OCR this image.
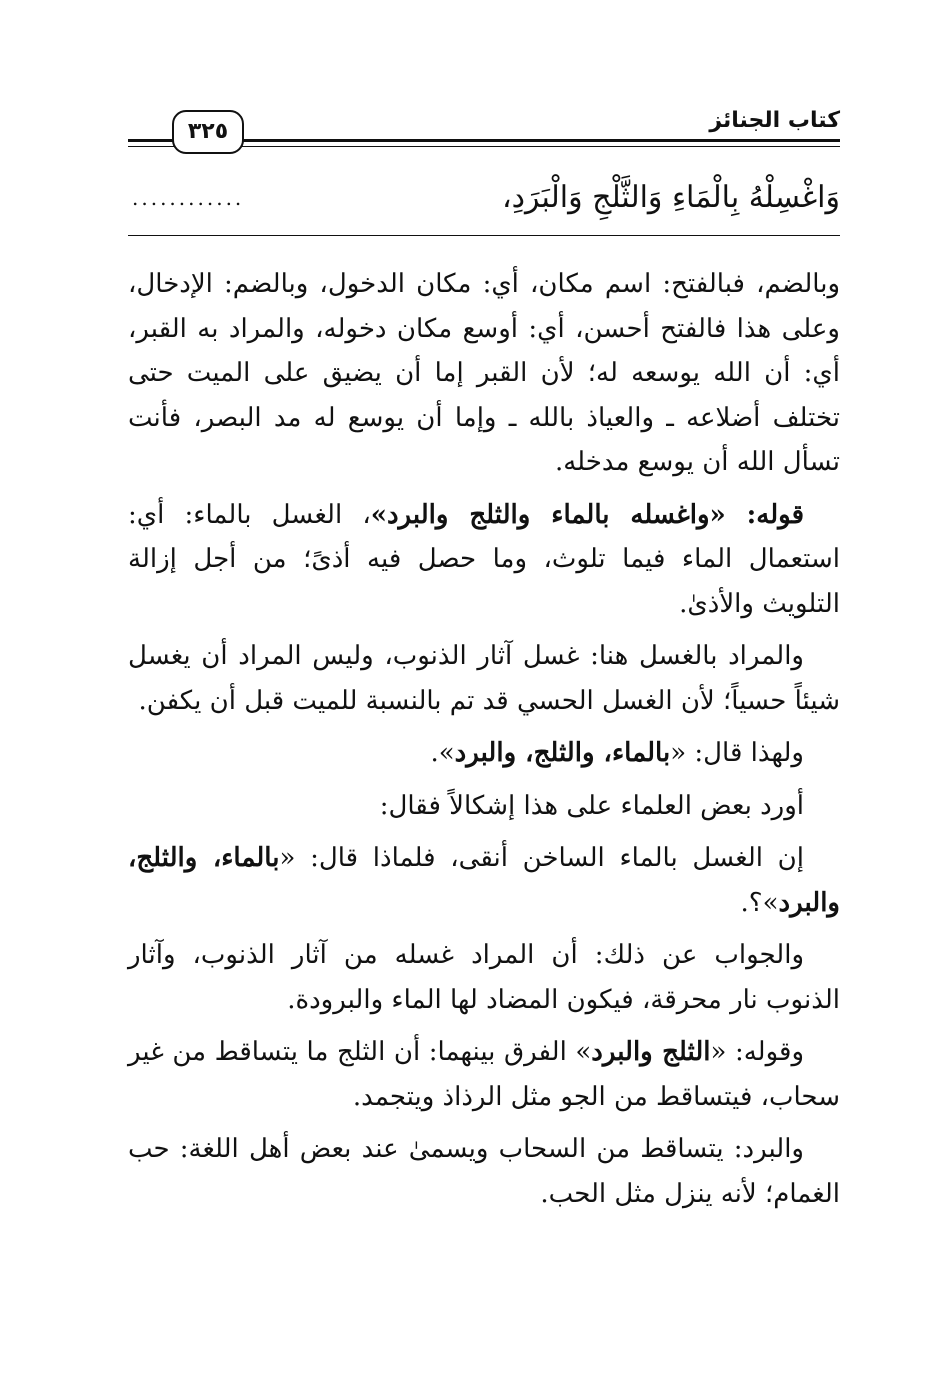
كتاب الجنائز
٣٢٥
وَاغْسِلْهُ بِالْمَاءِ وَالثَّلْجِ وَالْبَرَدِ،
............

وبالضم، فبالفتح: اسم مكان، أي: مكان الدخول، وبالضم: الإدخال، وعلى هذا فالفتح أحسن، أي: أوسع مكان دخوله، والمراد به القبر، أي: أن الله يوسعه له؛ لأن القبر إما أن يضيق على الميت حتى تختلف أضلاعه ـ والعياذ بالله ـ وإما أن يوسع له مد البصر، فأنت تسأل الله أن يوسع مدخله.

قوله: «واغسله بالماء والثلج والبرد»، الغسل بالماء: أي: استعمال الماء فيما تلوث، وما حصل فيه أذىً؛ من أجل إزالة التلويث والأذىٰ.

والمراد بالغسل هنا: غسل آثار الذنوب، وليس المراد أن يغسل شيئاً حسياً؛ لأن الغسل الحسي قد تم بالنسبة للميت قبل أن يكفن.

ولهذا قال: «بالماء، والثلج، والبرد».

أورد بعض العلماء على هذا إشكالاً فقال:

إن الغسل بالماء الساخن أنقى، فلماذا قال: «بالماء، والثلج، والبرد»؟.

والجواب عن ذلك: أن المراد غسله من آثار الذنوب، وآثار الذنوب نار محرقة، فيكون المضاد لها الماء والبرودة.

وقوله: «الثلج والبرد» الفرق بينهما: أن الثلج ما يتساقط من غير سحاب، فيتساقط من الجو مثل الرذاذ ويتجمد.

والبرد: يتساقط من السحاب ويسمىٰ عند بعض أهل اللغة: حب الغمام؛ لأنه ينزل مثل الحب.
